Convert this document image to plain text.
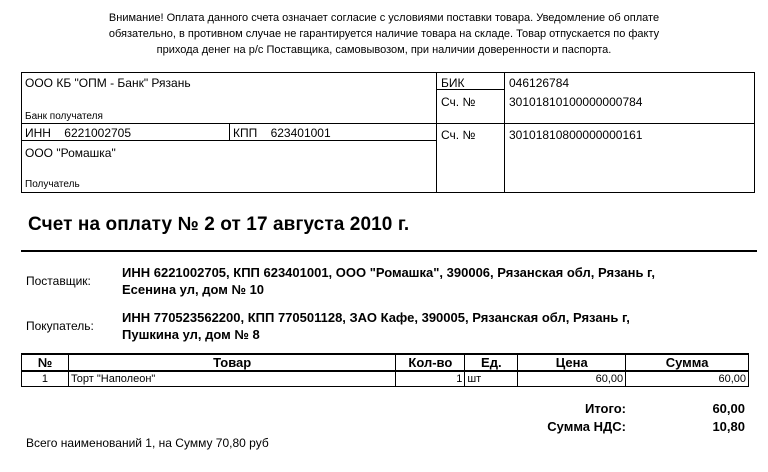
Внимание! Оплата данного счета означает согласие с условиями поставки товара. Уведомление об оплате
обязательно, в противном случае не гарантируется наличие товара на складе. Товар отпускается по факту
прихода денег на р/с Поставщика, самовывозом, при наличии доверенности и паспорта.
ООО КБ "ОПМ - Банк" Рязань
Банк получателя
БИК	046126784
Сч. №	30101810100000000784
ИНН    6221002705	КПП    623401001	Сч. №	30101810800000000161
ООО "Ромашка"
Получатель
Счет на оплату № 2 от 17 августа 2010 г.
Поставщик:
ИНН 6221002705, КПП 623401001, ООО "Ромашка", 390006, Рязанская обл, Рязань г,
Есенина ул, дом № 10
Покупатель:
ИНН 770523562200, КПП 770501128, ЗАО Кафе, 390005, Рязанская обл, Рязань г,
Пушкина ул, дом № 8
№	Товар	Кол-во	Ед.	Цена	Сумма
1	Торт "Наполеон"	1	шт	60,00	60,00
Итого:	60,00
Сумма НДС:	10,80
Всего наименований 1, на Сумму 70,80 руб
